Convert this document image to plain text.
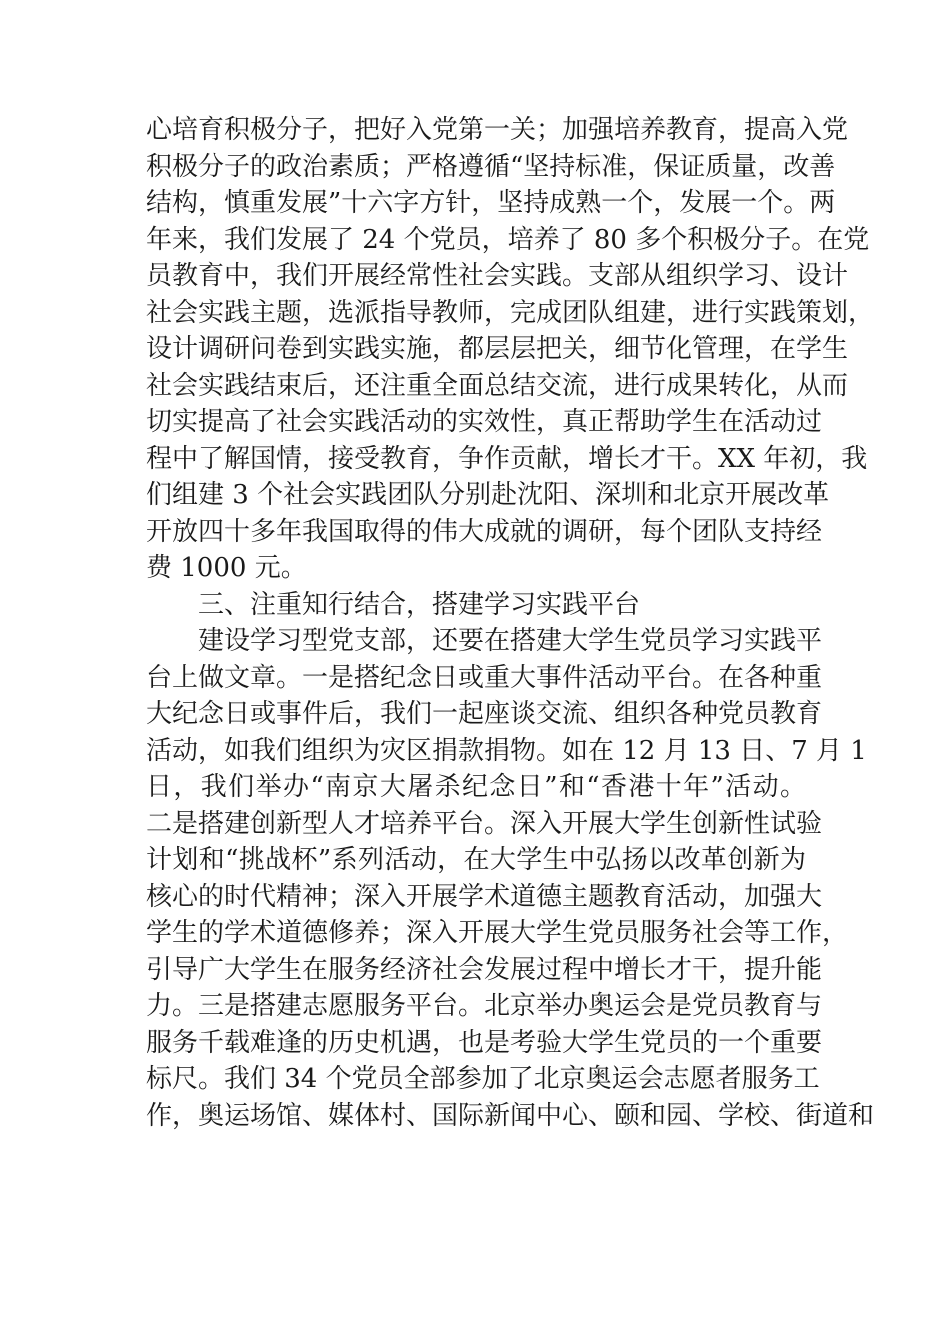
心培育积极分子，把好入党第一关；加强培养教育，提高入党
积极分子的政治素质；严格遵循“坚持标准，保证质量，改善
结构，慎重发展”十六字方针，坚持成熟一个，发展一个。两
年来，我们发展了 24 个党员，培养了 80 多个积极分子。在党
员教育中，我们开展经常性社会实践。支部从组织学习、设计
社会实践主题，选派指导教师，完成团队组建，进行实践策划，
设计调研问卷到实践实施，都层层把关，细节化管理，在学生
社会实践结束后，还注重全面总结交流，进行成果转化，从而
切实提高了社会实践活动的实效性，真正帮助学生在活动过
程中了解国情，接受教育，争作贡献，增长才干。XX 年初，我
们组建 3 个社会实践团队分别赴沈阳、深圳和北京开展改革
开放四十多年我国取得的伟大成就的调研，每个团队支持经
费 1000 元。
三、注重知行结合，搭建学习实践平台
建设学习型党支部，还要在搭建大学生党员学习实践平
台上做文章。一是搭纪念日或重大事件活动平台。在各种重
大纪念日或事件后，我们一起座谈交流、组织各种党员教育
活动，如我们组织为灾区捐款捐物。如在 12 月 13 日、7 月 1
日，我们举办“南京大屠杀纪念日”和“香港十年”活动。
二是搭建创新型人才培养平台。深入开展大学生创新性试验
计划和“挑战杯”系列活动，在大学生中弘扬以改革创新为
核心的时代精神；深入开展学术道德主题教育活动，加强大
学生的学术道德修养；深入开展大学生党员服务社会等工作，
引导广大学生在服务经济社会发展过程中增长才干，提升能
力。三是搭建志愿服务平台。北京举办奥运会是党员教育与
服务千载难逢的历史机遇，也是考验大学生党员的一个重要
标尺。我们 34 个党员全部参加了北京奥运会志愿者服务工
作，奥运场馆、媒体村、国际新闻中心、颐和园、学校、街道和
